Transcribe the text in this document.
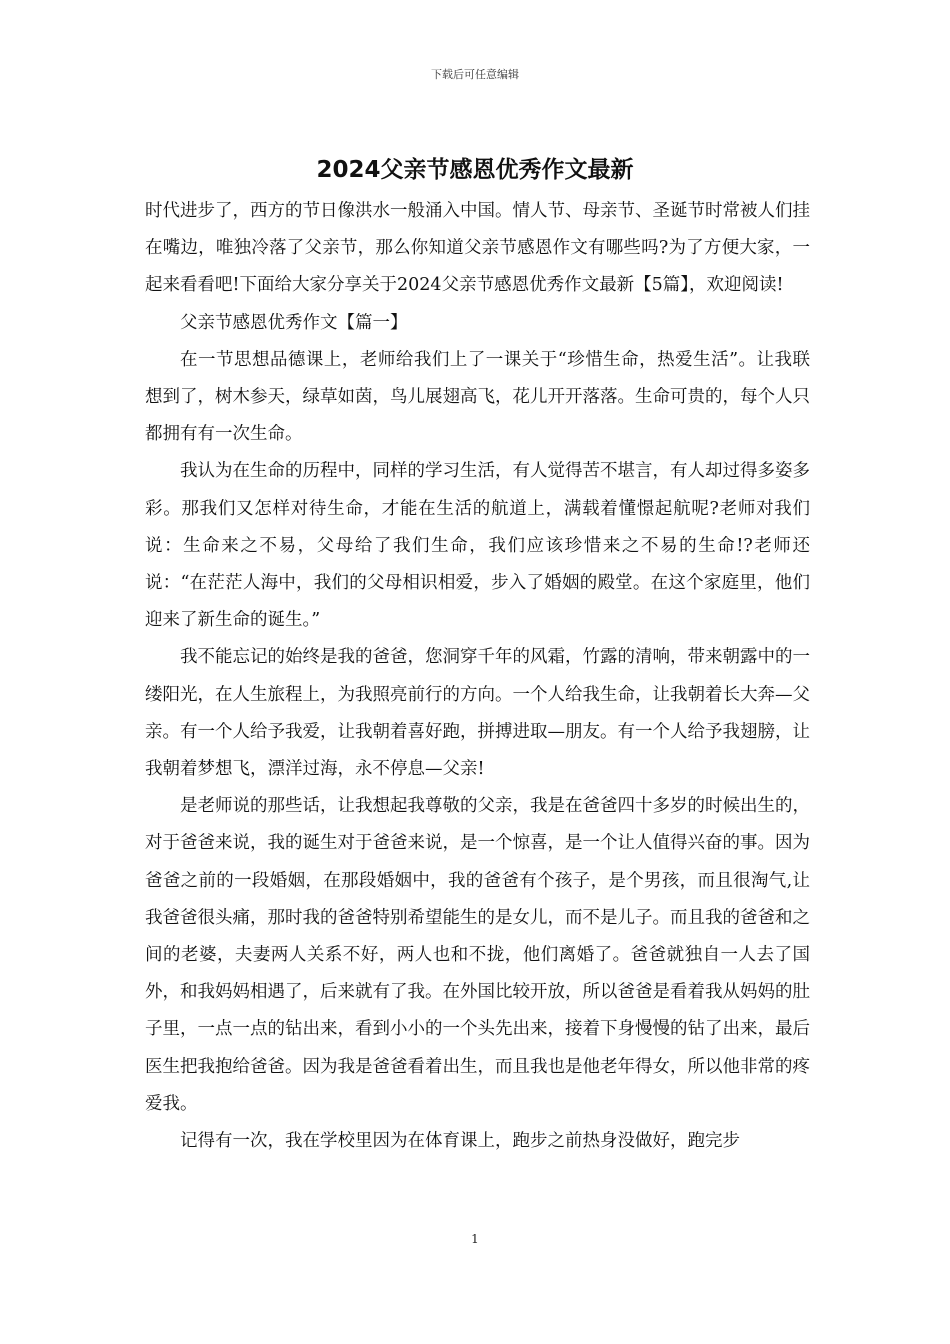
下载后可任意编辑
2024父亲节感恩优秀作文最新

时代进步了，西方的节日像洪水一般涌入中国。情人节、母亲节、圣诞节时常被人们挂在嘴边，唯独冷落了父亲节，那么你知道父亲节感恩作文有哪些吗?为了方便大家，一起来看看吧!下面给大家分享关于2024父亲节感恩优秀作文最新【5篇】，欢迎阅读!

父亲节感恩优秀作文【篇一】

在一节思想品德课上，老师给我们上了一课关于“珍惜生命，热爱生活”。让我联想到了，树木参天，绿草如茵，鸟儿展翅高飞，花儿开开落落。生命可贵的，每个人只都拥有有一次生命。

我认为在生命的历程中，同样的学习生活，有人觉得苦不堪言，有人却过得多姿多彩。那我们又怎样对待生命，才能在生活的航道上，满载着懂憬起航呢?老师对我们说：生命来之不易，父母给了我们生命，我们应该珍惜来之不易的生命!?老师还说：“在茫茫人海中，我们的父母相识相爱，步入了婚姻的殿堂。在这个家庭里，他们迎来了新生命的诞生。”

我不能忘记的始终是我的爸爸，您洞穿千年的风霜，竹露的清响，带来朝露中的一缕阳光，在人生旅程上，为我照亮前行的方向。一个人给我生命，让我朝着长大奔—父亲。有一个人给予我爱，让我朝着喜好跑，拼搏进取—朋友。有一个人给予我翅膀，让我朝着梦想飞，漂洋过海，永不停息—父亲!

是老师说的那些话，让我想起我尊敬的父亲，我是在爸爸四十多岁的时候出生的，对于爸爸来说，我的诞生对于爸爸来说，是一个惊喜，是一个让人值得兴奋的事。因为爸爸之前的一段婚姻，在那段婚姻中，我的爸爸有个孩子，是个男孩，而且很淘气,让我爸爸很头痛，那时我的爸爸特别希望能生的是女儿，而不是儿子。而且我的爸爸和之间的老婆，夫妻两人关系不好，两人也和不拢，他们离婚了。爸爸就独自一人去了国外，和我妈妈相遇了，后来就有了我。在外国比较开放，所以爸爸是看着我从妈妈的肚子里，一点一点的钻出来，看到小小的一个头先出来，接着下身慢慢的钻了出来，最后医生把我抱给爸爸。因为我是爸爸看着出生，而且我也是他老年得女，所以他非常的疼爱我。

记得有一次，我在学校里因为在体育课上，跑步之前热身没做好，跑完步

1
